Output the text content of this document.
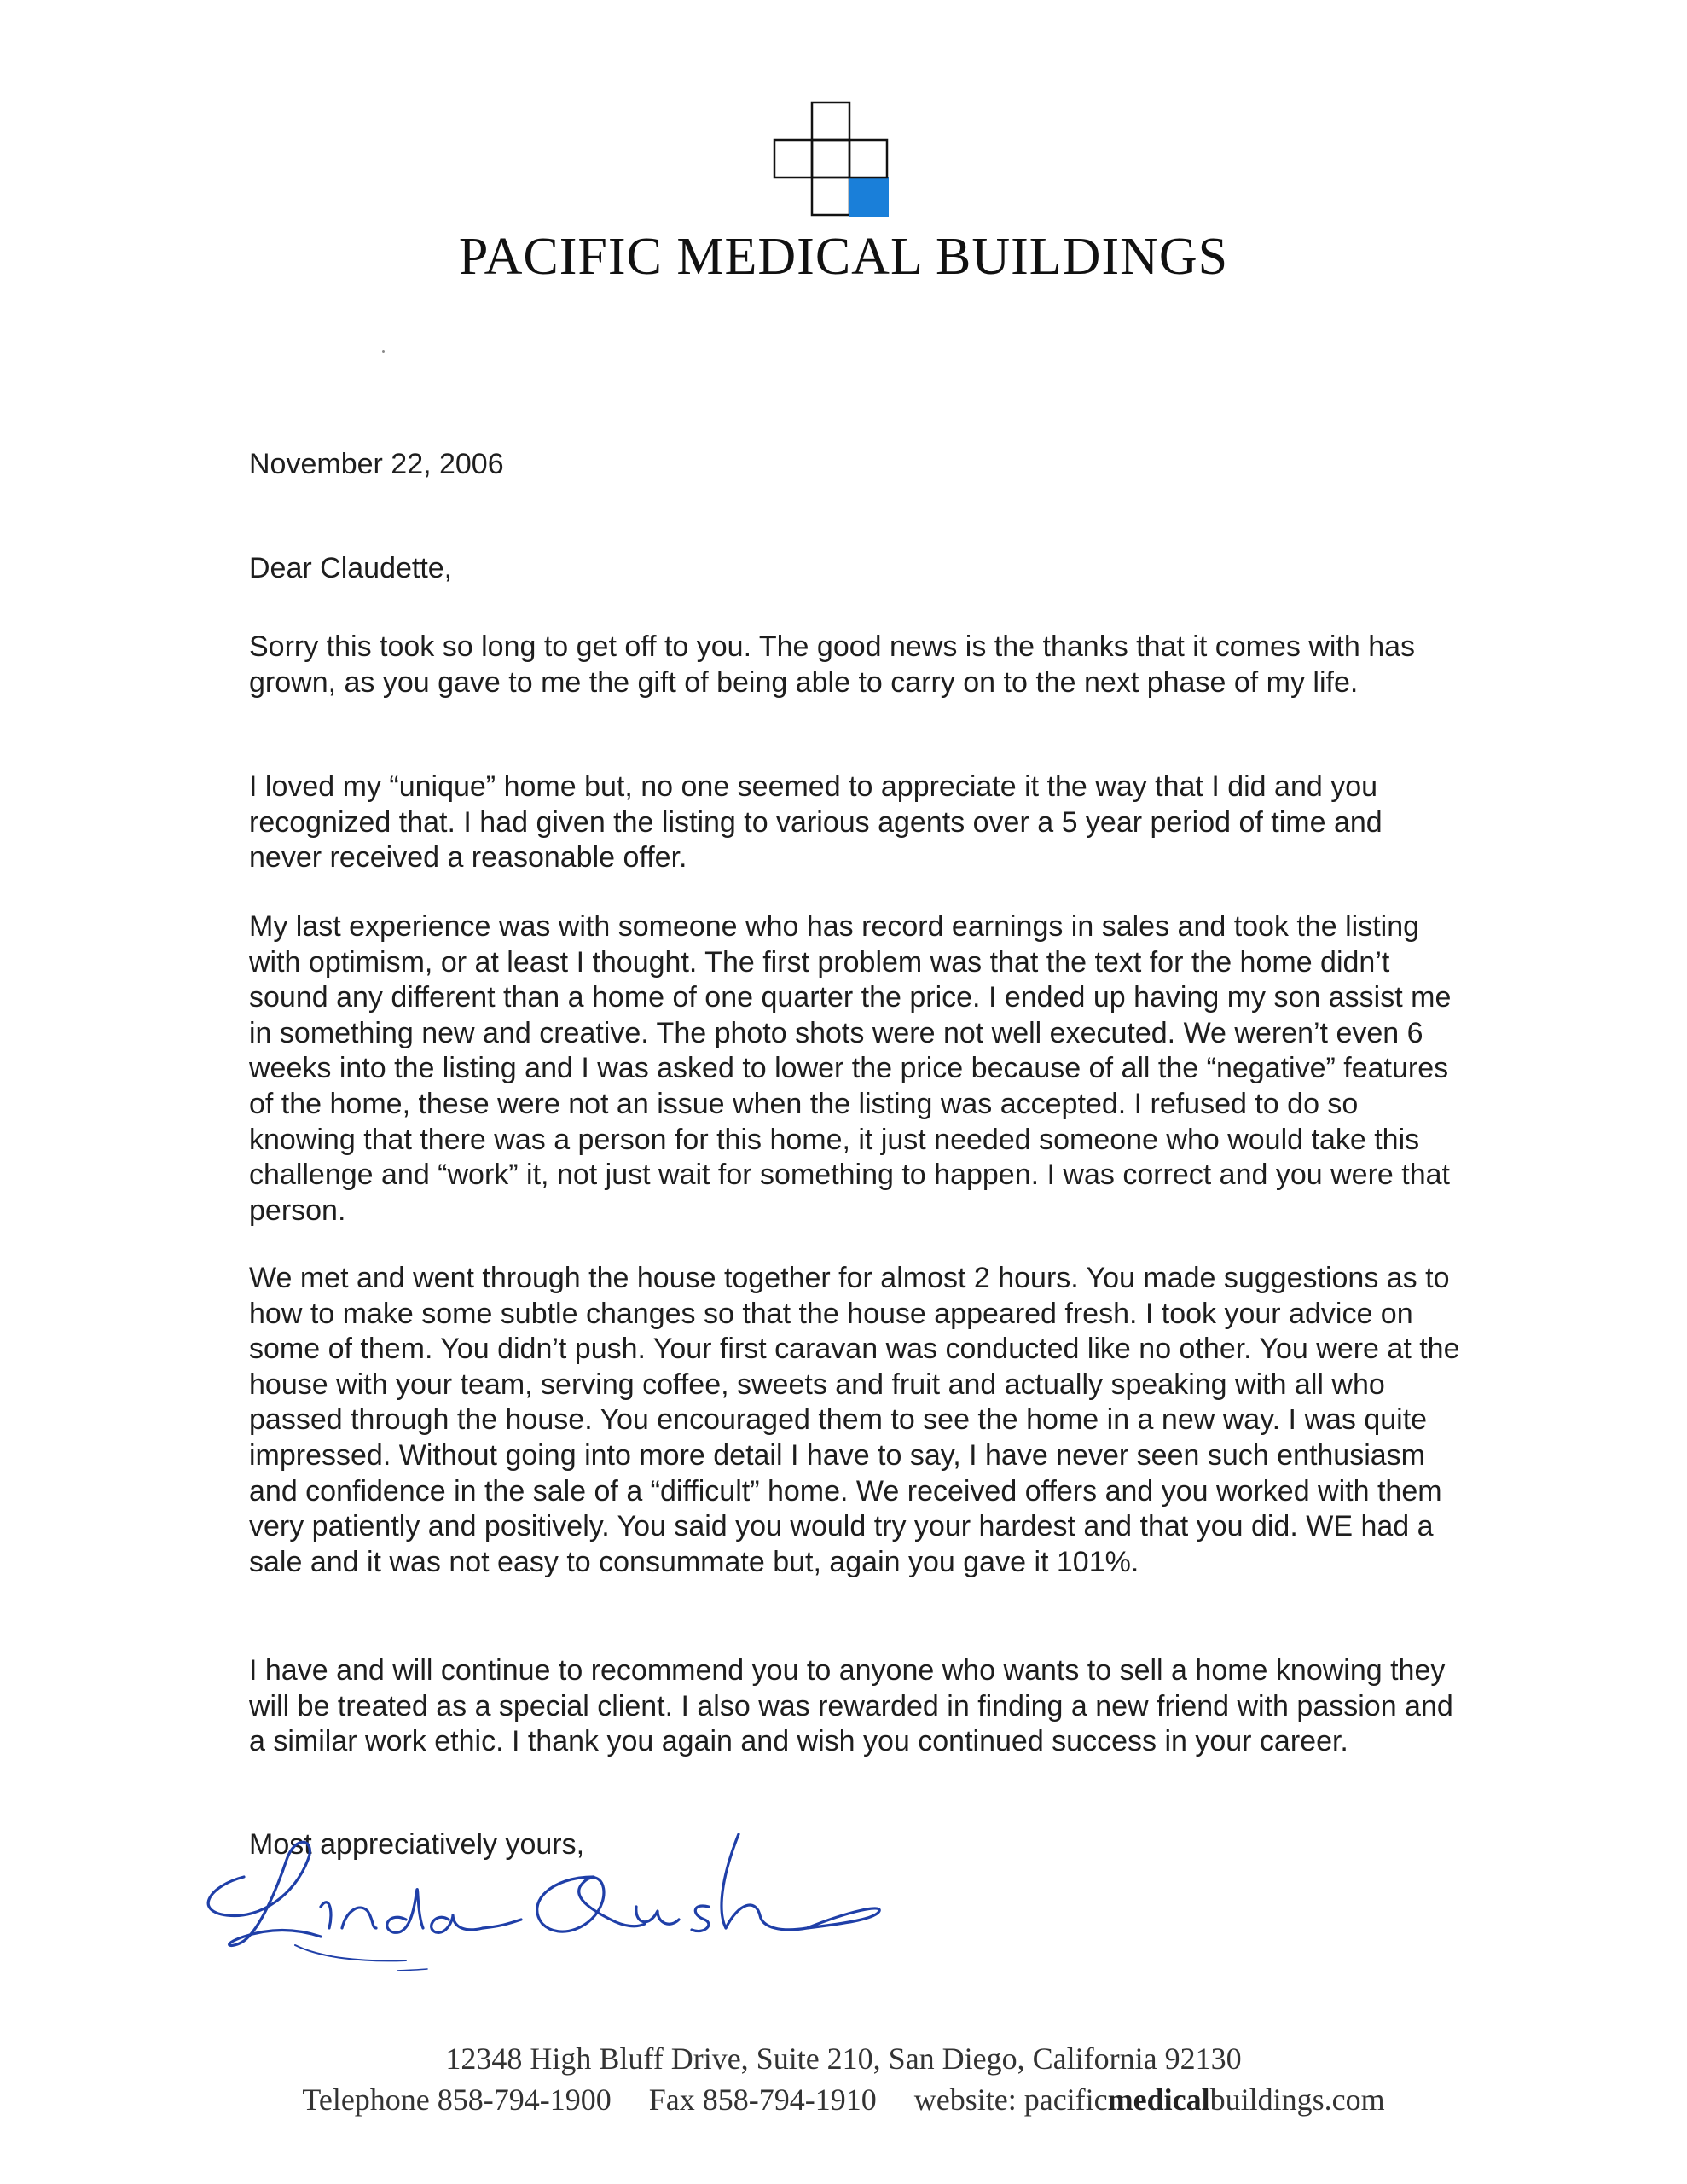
PACIFIC MEDICAL BUILDINGS
November 22, 2006
Dear Claudette,

Sorry this took so long to get off to you. The good news is the thanks that it comes with has grown, as you gave to me the gift of being able to carry on to the next phase of my life.

I loved my “unique” home but, no one seemed to appreciate it the way that I did and you recognized that. I had given the listing to various agents over a 5 year period of time and never received a reasonable offer.

My last experience was with someone who has record earnings in sales and took the listing with optimism, or at least I thought. The first problem was that the text for the home didn’t sound any different than a home of one quarter the price. I ended up having my son assist me in something new and creative. The photo shots were not well executed. We weren’t even 6 weeks into the listing and I was asked to lower the price because of all the “negative” features of the home, these were not an issue when the listing was accepted. I refused to do so knowing that there was a person for this home, it just needed someone who would take this challenge and “work” it, not just wait for something to happen. I was correct and you were that person.

We met and went through the house together for almost 2 hours. You made suggestions as to how to make some subtle changes so that the house appeared fresh. I took your advice on some of them. You didn’t push. Your first caravan was conducted like no other. You were at the house with your team, serving coffee, sweets and fruit and actually speaking with all who passed through the house. You encouraged them to see the home in a new way. I was quite impressed. Without going into more detail I have to say, I have never seen such enthusiasm and confidence in the sale of a “difficult” home. We received offers and you worked with them very patiently and positively. You said you would try your hardest and that you did. WE had a sale and it was not easy to consummate but, again you gave it 101%.

I have and will continue to recommend you to anyone who wants to sell a home knowing they will be treated as a special client. I also was rewarded in finding a new friend with passion and a similar work ethic. I thank you again and wish you continued success in your career.

Most appreciatively yours,
12348 High Bluff Drive, Suite 210, San Diego, California 92130
Telephone 858-794-1900 Fax 858-794-1910 website: pacificmedicalbuildings.com
